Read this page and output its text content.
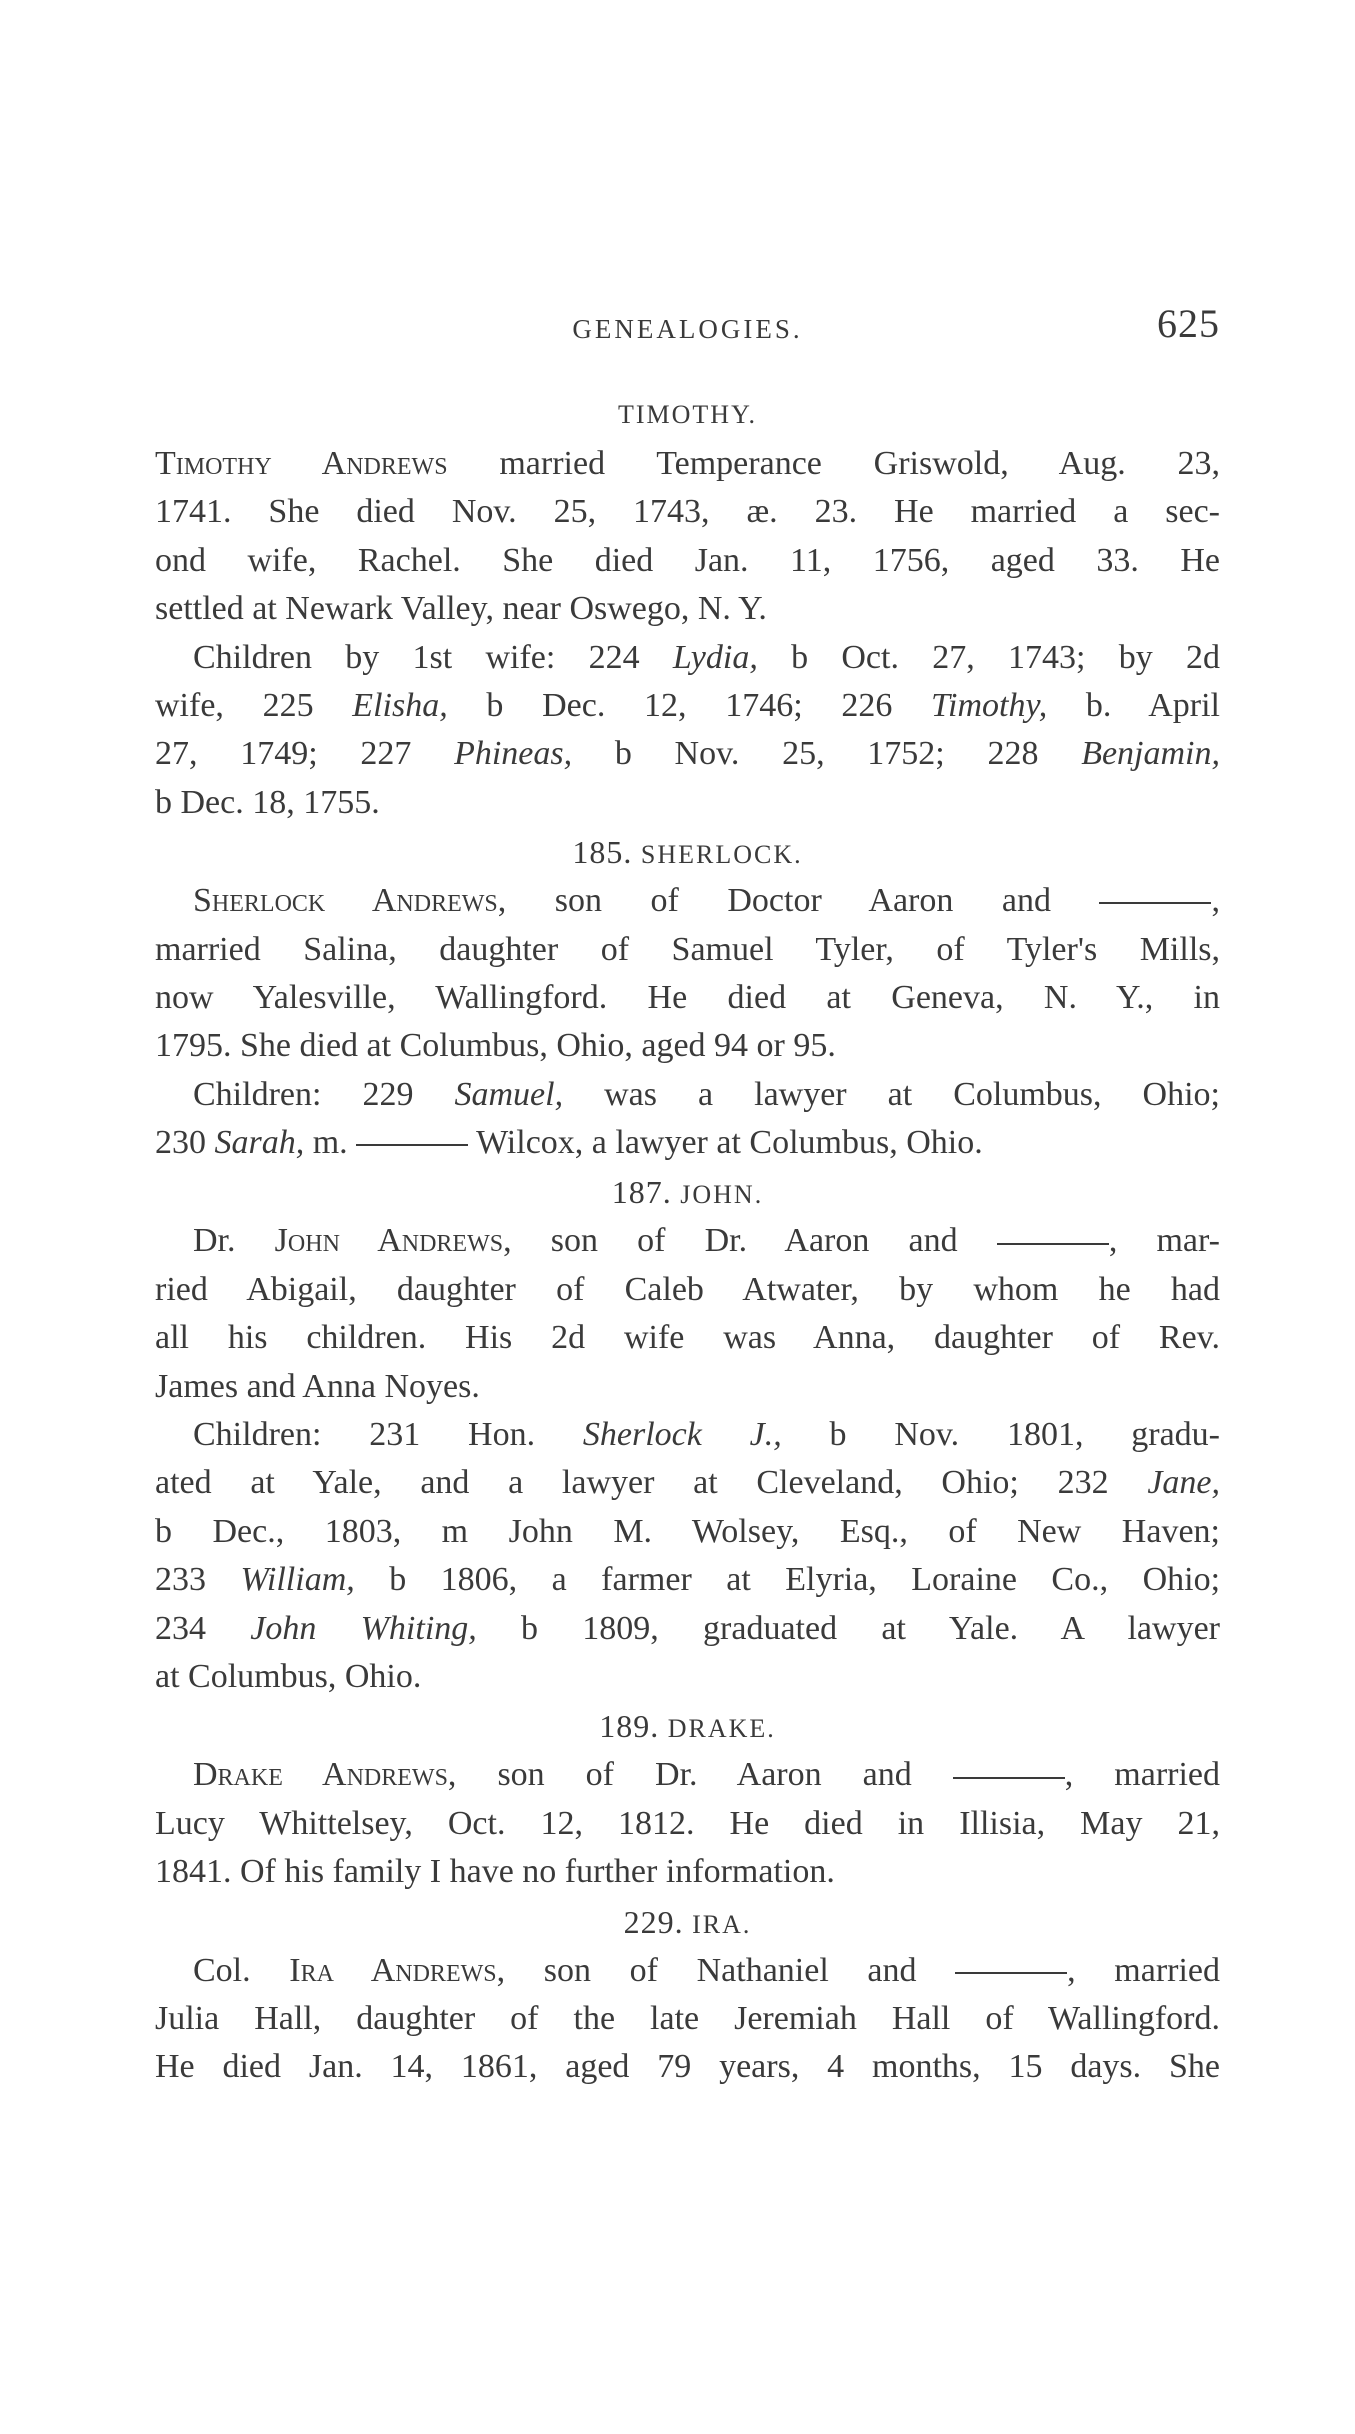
GENEALOGIES.	625
TIMOTHY.
Timothy Andrews married Temperance Griswold, Aug. 23,
1741. She died Nov. 25, 1743, æ. 23. He married a sec-
ond wife, Rachel. She died Jan. 11, 1756, aged 33. He
settled at Newark Valley, near Oswego, N. Y.
Children by 1st wife: 224 Lydia, b Oct. 27, 1743; by 2d
wife, 225 Elisha, b Dec. 12, 1746; 226 Timothy, b. April
27, 1749; 227 Phineas, b Nov. 25, 1752; 228 Benjamin,
b Dec. 18, 1755.
185. SHERLOCK.
Sherlock Andrews, son of Doctor Aaron and	,
married Salina, daughter of Samuel Tyler, of Tyler's Mills,
now Yalesville, Wallingford. He died at Geneva, N. Y., in
1795. She died at Columbus, Ohio, aged 94 or 95.
Children: 229 Samuel, was a lawyer at Columbus, Ohio;
230 Sarah, m.	Wilcox, a lawyer at Columbus, Ohio.
187. JOHN.
Dr. John Andrews, son of Dr. Aaron and	, mar-
ried Abigail, daughter of Caleb Atwater, by whom he had
all his children. His 2d wife was Anna, daughter of Rev.
James and Anna Noyes.
Children: 231 Hon. Sherlock J., b Nov. 1801, gradu-
ated at Yale, and a lawyer at Cleveland, Ohio; 232 Jane,
b Dec., 1803, m John M. Wolsey, Esq., of New Haven;
233 William, b 1806, a farmer at Elyria, Loraine Co., Ohio;
234 John Whiting, b 1809, graduated at Yale. A lawyer
at Columbus, Ohio.
189. DRAKE.
Drake Andrews, son of Dr. Aaron and	, married
Lucy Whittelsey, Oct. 12, 1812. He died in Illisia, May 21,
1841. Of his family I have no further information.
229. IRA.
Col. Ira Andrews, son of Nathaniel and	, married
Julia Hall, daughter of the late Jeremiah Hall of Wallingford.
He died Jan. 14, 1861, aged 79 years, 4 months, 15 days. She
